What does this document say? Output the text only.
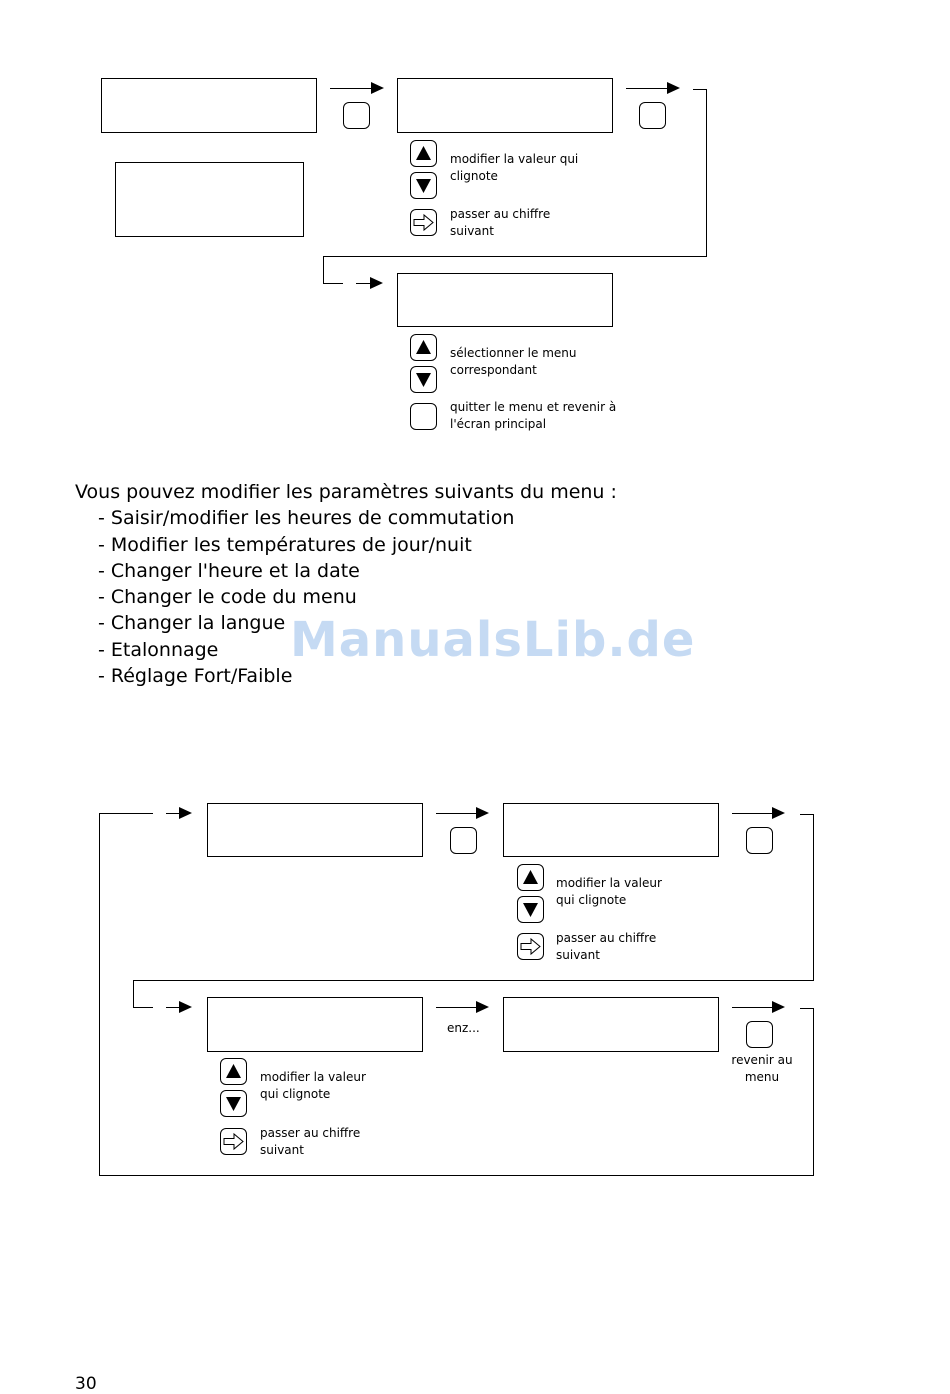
modifier la valeur qui clignote
passer au chiffre suivant
sélectionner le menu correspondant
quitter le menu et revenir à l'écran principal
Vous pouvez modifier les paramètres suivants du menu :
- Saisir/modifier les heures de commutation
- Modifier les températures de jour/nuit
- Changer l'heure et la date
- Changer le code du menu
- Changer la langue
- Etalonnage
- Réglage Fort/Faible
ManualsLib.de
enz...
revenir au menu
modifier la valeur qui clignote
passer au chiffre suivant
modifier la valeur qui clignote
passer au chiffre suivant
30
